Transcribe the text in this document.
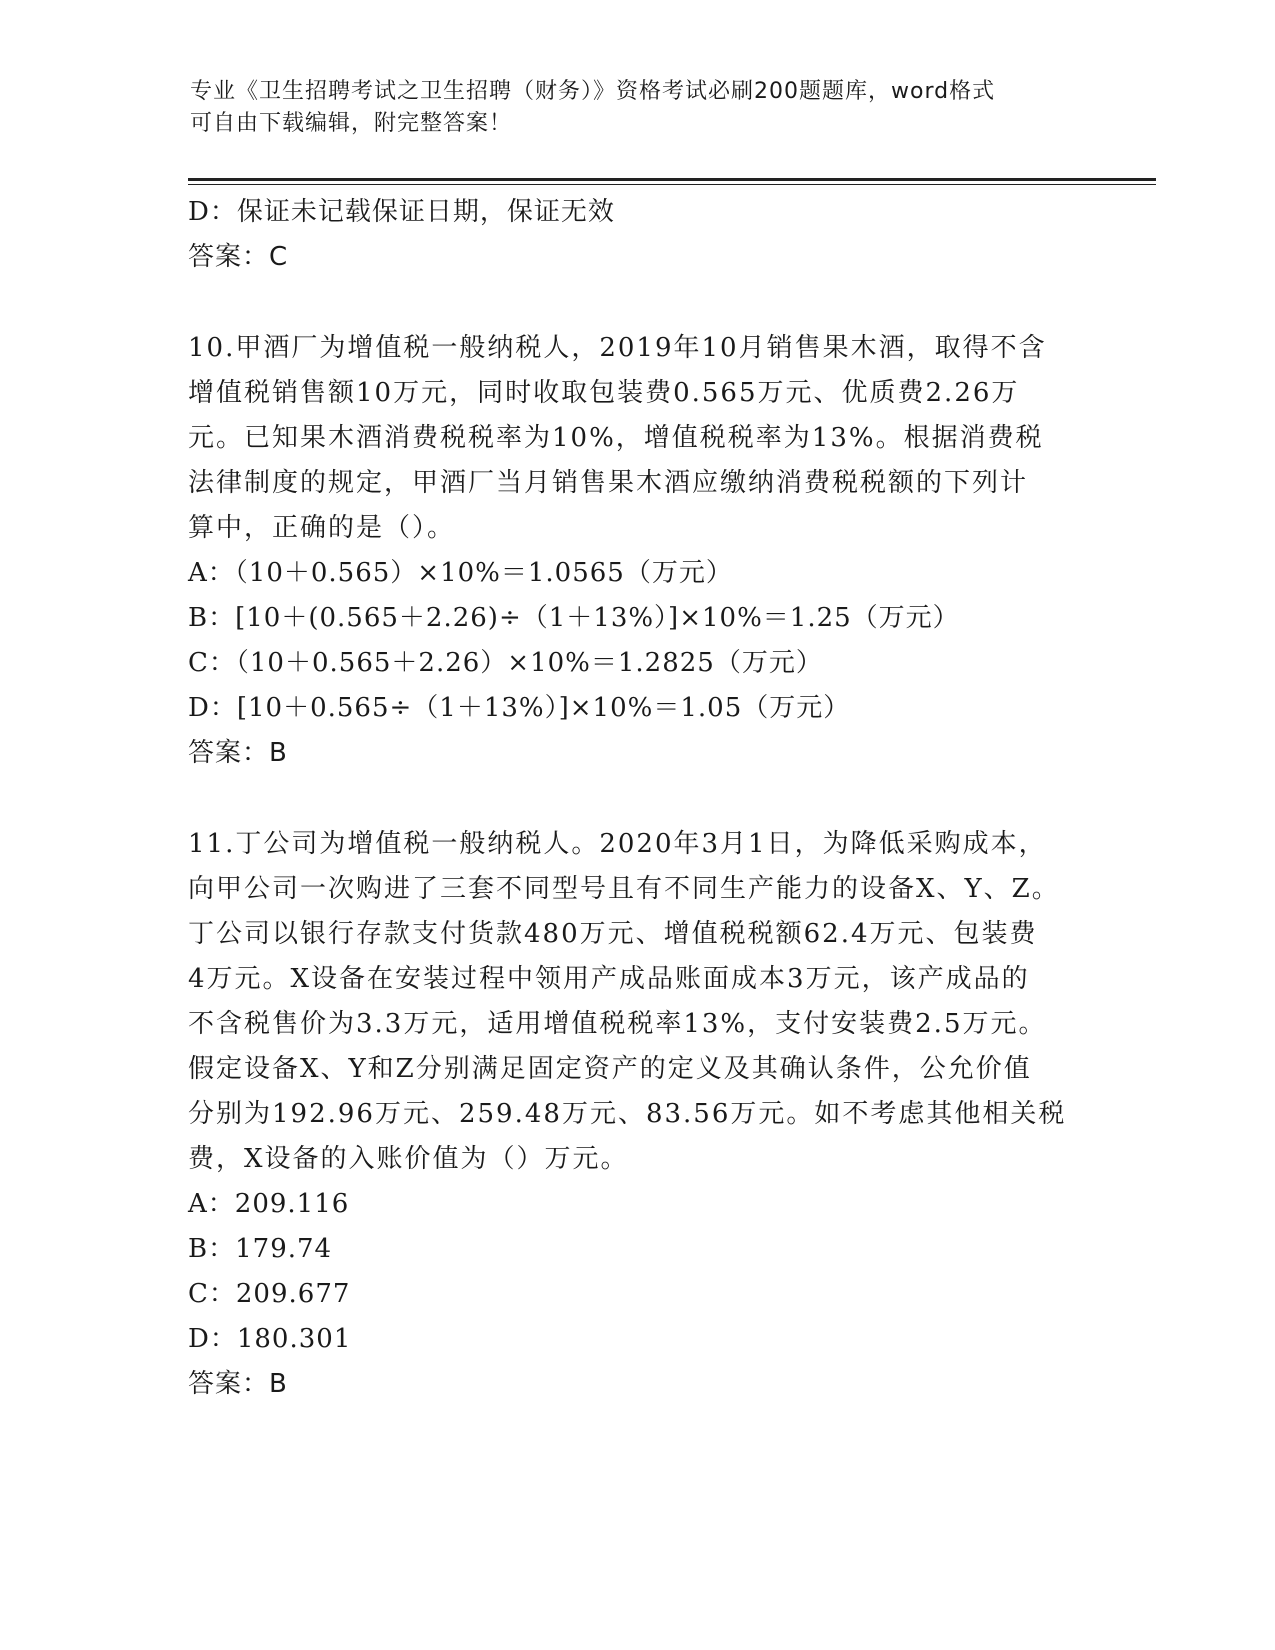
专业《卫生招聘考试之卫生招聘（财务）》资格考试必刷200题题库，word格式
可自由下载编辑，附完整答案！
D：保证未记载保证日期，保证无效
答案：C
10.甲酒厂为增值税一般纳税人，2019年10月销售果木酒，取得不含
增值税销售额10万元，同时收取包装费0.565万元、优质费2.26万
元。已知果木酒消费税税率为10%，增值税税率为13%。根据消费税
法律制度的规定，甲酒厂当月销售果木酒应缴纳消费税税额的下列计
算中，正确的是（）。
A：（10＋0.565）×10%＝1.0565（万元）
B：[10＋(0.565＋2.26)÷（1＋13%）]×10%＝1.25（万元）
C：（10＋0.565＋2.26）×10%＝1.2825（万元）
D：[10＋0.565÷（1＋13%）]×10%＝1.05（万元）
答案：B
11.丁公司为增值税一般纳税人。2020年3月1日，为降低采购成本，
向甲公司一次购进了三套不同型号且有不同生产能力的设备X、Y、Z。
丁公司以银行存款支付货款480万元、增值税税额62.4万元、包装费
4万元。X设备在安装过程中领用产成品账面成本3万元，该产成品的
不含税售价为3.3万元，适用增值税税率13%，支付安装费2.5万元。
假定设备X、Y和Z分别满足固定资产的定义及其确认条件，公允价值
分别为192.96万元、259.48万元、83.56万元。如不考虑其他相关税
费，X设备的入账价值为（）万元。
A：209.116
B：179.74
C：209.677
D：180.301
答案：B
